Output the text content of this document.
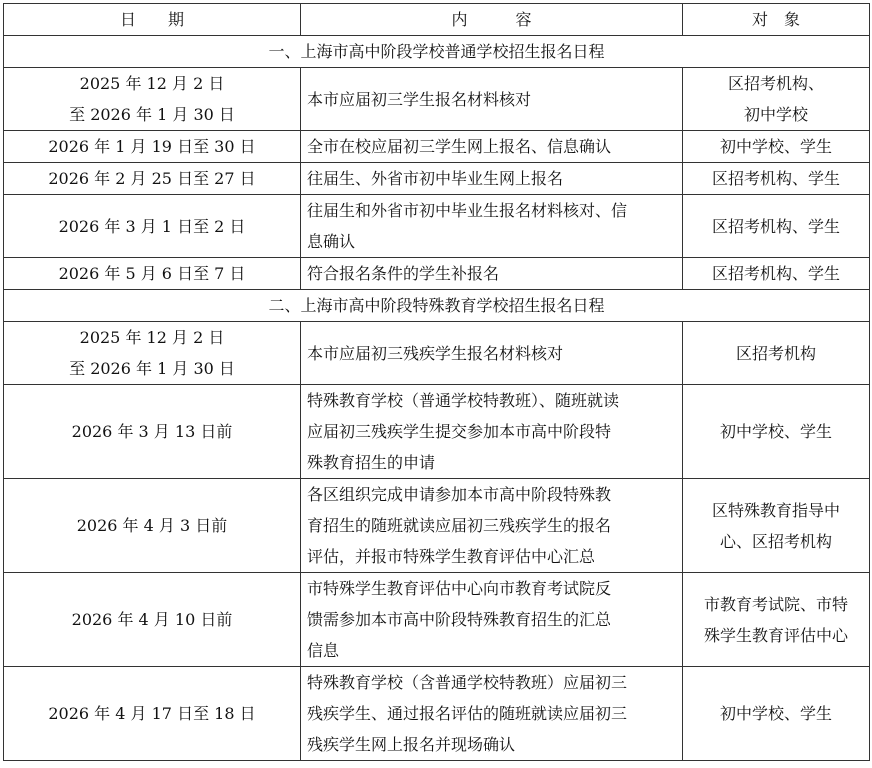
日　　期	内　　　容	对　象
一、上海市高中阶段学校普通学校招生报名日程		

2025 年 12 月 2 日
至 2026 年 1 月 30 日	本市应届初三学生报名材料核对	区招考机构、
初中学校

2026 年 1 月 19 日至 30 日	全市在校应届初三学生网上报名、信息确认	初中学校、学生

2026 年 2 月 25 日至 27 日	往届生、外省市初中毕业生网上报名	区招考机构、学生

2026 年 3 月 1 日至 2 日	往届生和外省市初中毕业生报名材料核对、信
息确认	区招考机构、学生

2026 年 5 月 6 日至 7 日	符合报名条件的学生补报名	区招考机构、学生

二、上海市高中阶段特殊教育学校招生报名日程		

2025 年 12 月 2 日
至 2026 年 1 月 30 日	本市应届初三残疾学生报名材料核对	区招考机构

2026 年 3 月 13 日前	特殊教育学校（普通学校特教班）、随班就读
应届初三残疾学生提交参加本市高中阶段特
殊教育招生的申请	初中学校、学生

2026 年 4 月 3 日前	各区组织完成申请参加本市高中阶段特殊教
育招生的随班就读应届初三残疾学生的报名
评估，并报市特殊学生教育评估中心汇总	区特殊教育指导中
心、区招考机构

2026 年 4 月 10 日前	市特殊学生教育评估中心向市教育考试院反
馈需参加本市高中阶段特殊教育招生的汇总
信息	市教育考试院、市特
殊学生教育评估中心

2026 年 4 月 17 日至 18 日	特殊教育学校（含普通学校特教班）应届初三
残疾学生、通过报名评估的随班就读应届初三
残疾学生网上报名并现场确认	初中学校、学生
